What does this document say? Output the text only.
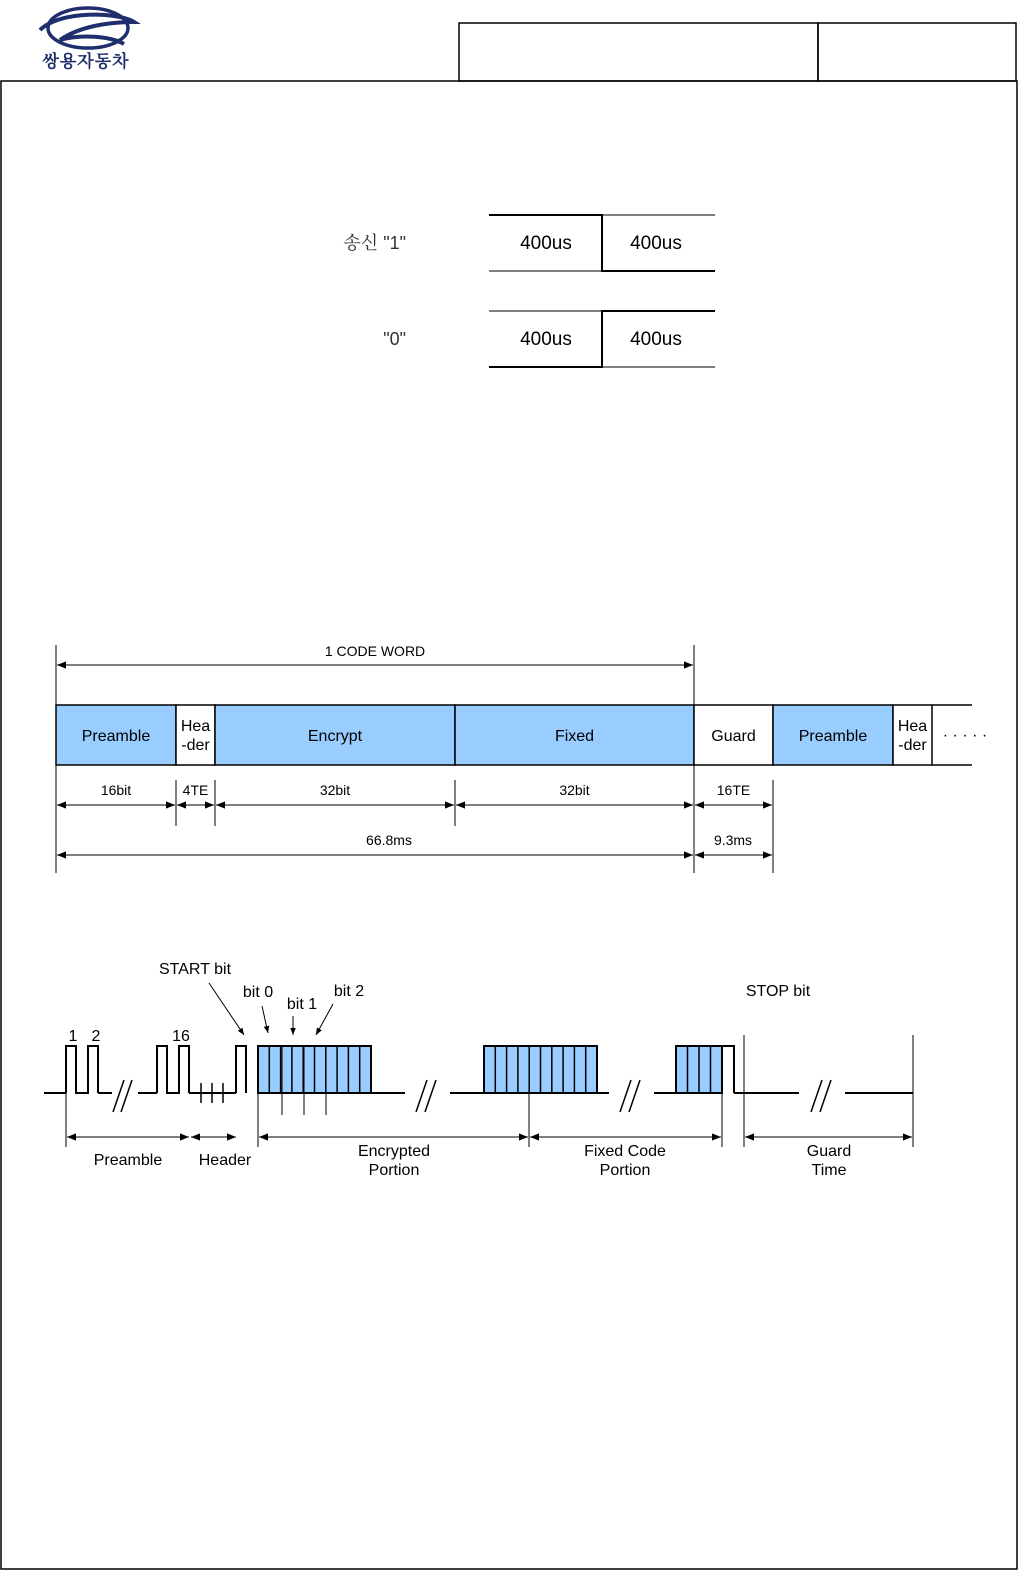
쌍용자동차
송신 "1"	400us	400us
"0"	400us	400us
1 CODE WORD
Preamble
Hea
-der
Encrypt	Fixed	Guard	Preamble
Hea
-der
· · · · ·
16bit	4TE	32bit	32bit	16TE
66.8ms	9.3ms
1 2	16
START bit
bit 0
bit 1
bit 2	STOP bit
Preamble Header
Encrypted
Portion
Fixed Code
Portion
Guard
Time
